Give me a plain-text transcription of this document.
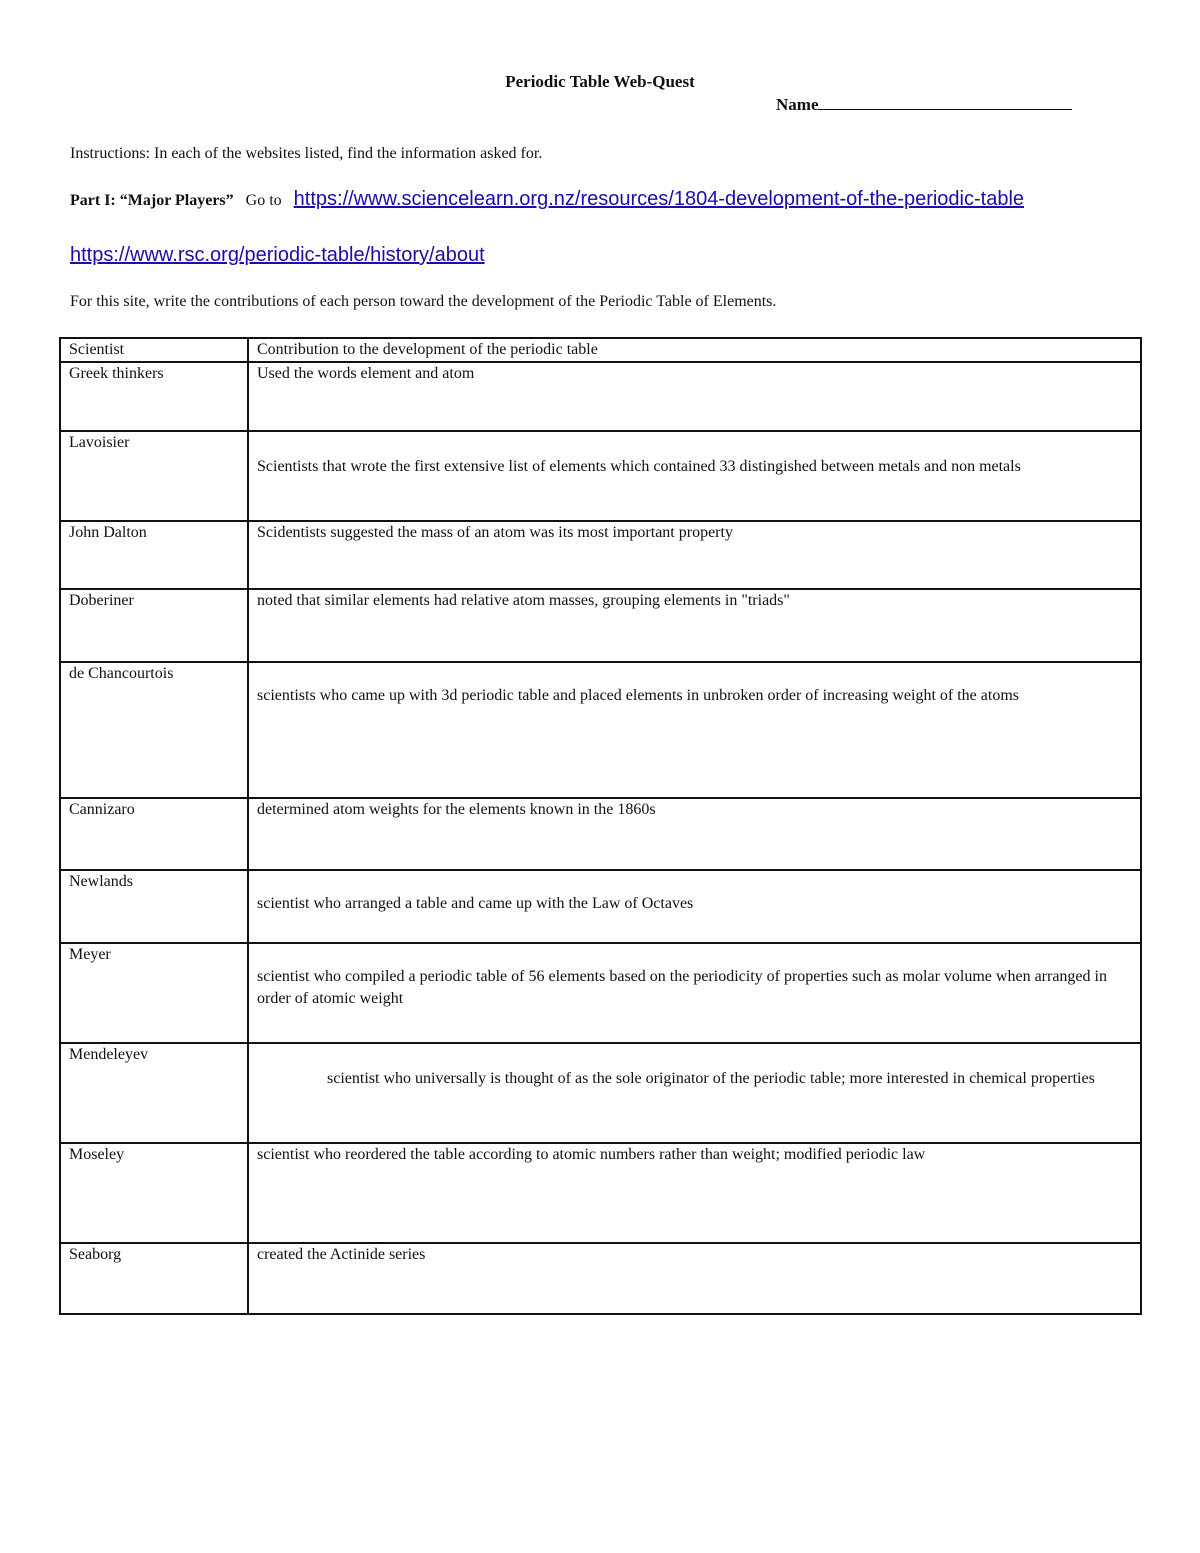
Periodic Table Web-Quest
Name
Instructions: In each of the websites listed, find the information asked for.
Part I: “Major Players” Go to https://www.sciencelearn.org.nz/resources/1804-development-of-the-periodic-table
https://www.rsc.org/periodic-table/history/about
For this site, write the contributions of each person toward the development of the Periodic Table of Elements.
Scientist	Contribution to the development of the periodic table
Greek thinkers	Used the words element and atom
Lavoisier	Scientists that wrote the first extensive list of elements which contained 33 distingished between metals and non metals
John Dalton	Scidentists suggested the mass of an atom was its most important property
Doberiner	noted that similar elements had relative atom masses, grouping elements in "triads"
de Chancourtois	scientists who came up with 3d periodic table and placed elements in unbroken order of increasing weight of the atoms
Cannizaro	determined atom weights for the elements known in the 1860s
Newlands	scientist who arranged a table and came up with the Law of Octaves
Meyer	scientist who compiled a periodic table of 56 elements based on the periodicity of properties such as molar volume when arranged in order of atomic weight
Mendeleyev	scientist who universally is thought of as the sole originator of the periodic table; more interested in chemical properties
Moseley	scientist who reordered the table according to atomic numbers rather than weight; modified periodic law
Seaborg	created the Actinide series
